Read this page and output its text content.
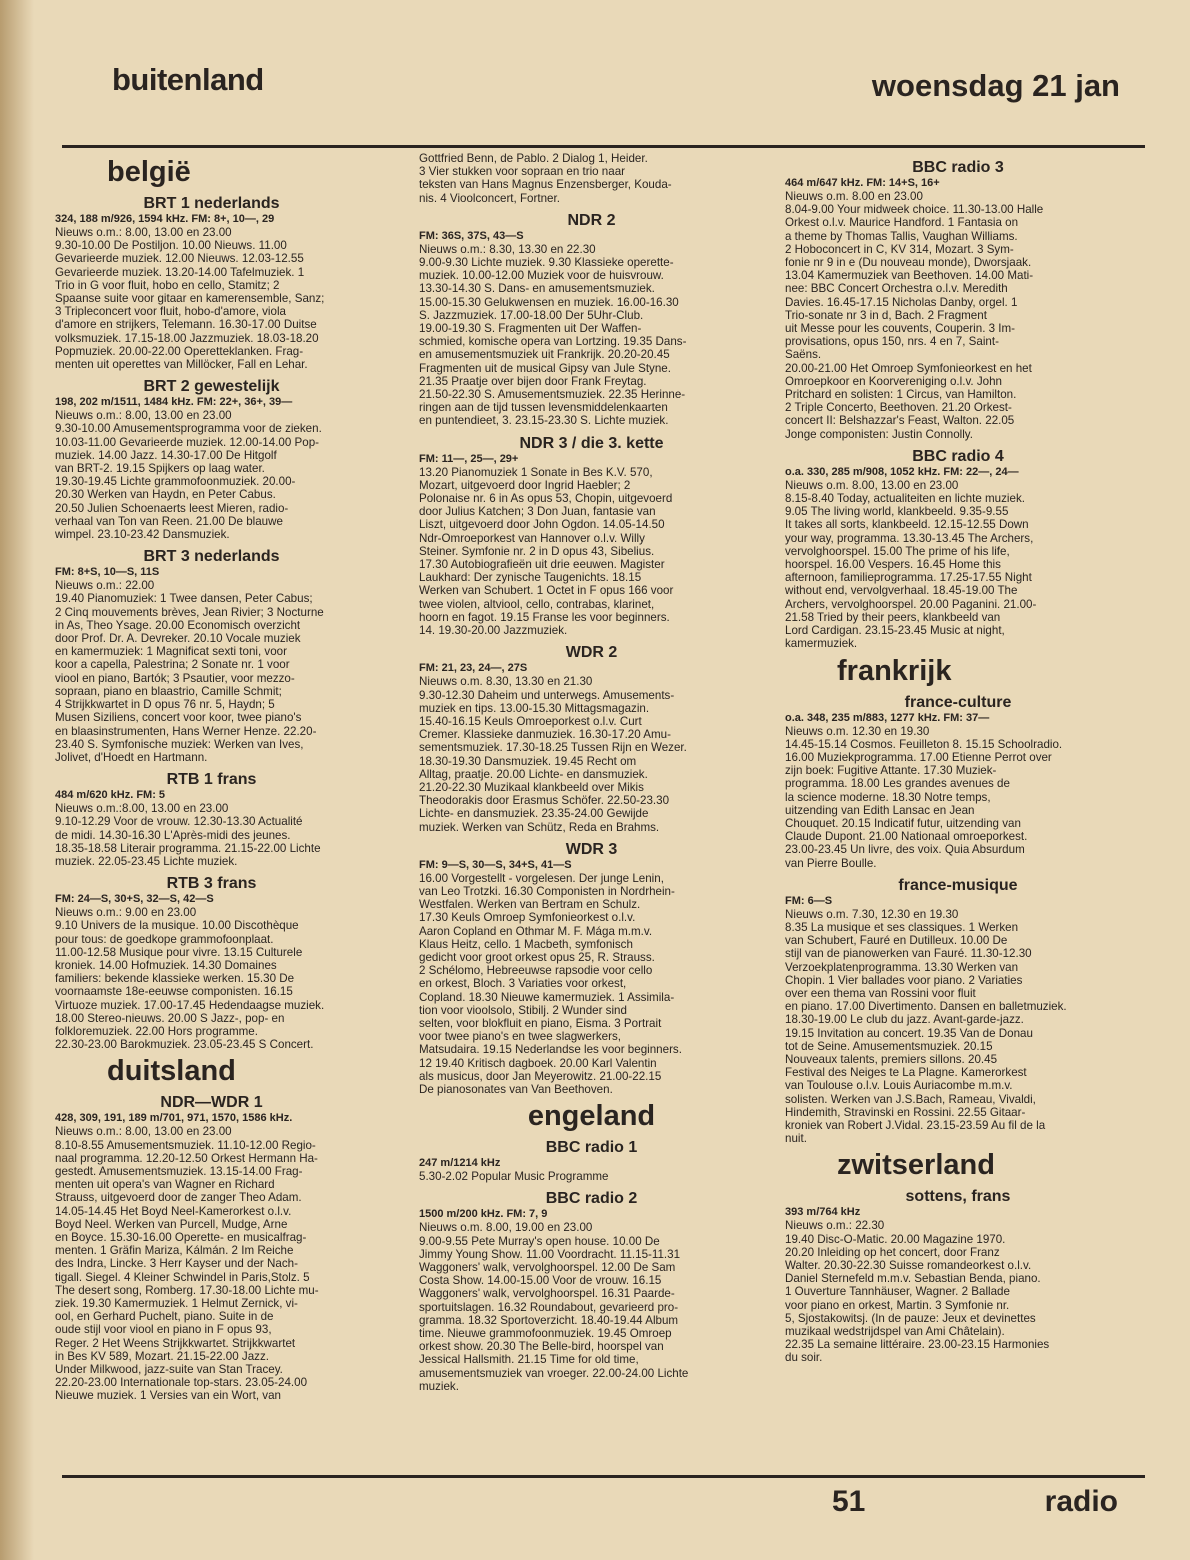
buitenland	woensdag 21 jan
belgië
BRT 1 nederlands
324, 188 m/926, 1594 kHz. FM: 8+, 10—, 29
Nieuws o.m.: 8.00, 13.00 en 23.00
9.30-10.00 De Postiljon. 10.00 Nieuws. 11.00
Gevarieerde muziek. 12.00 Nieuws. 12.03-12.55
Gevarieerde muziek. 13.20-14.00 Tafelmuziek. 1
Trio in G voor fluit, hobo en cello, Stamitz; 2
Spaanse suite voor gitaar en kamerensemble, Sanz;
3 Tripleconcert voor fluit, hobo-d'amore, viola
d'amore en strijkers, Telemann. 16.30-17.00 Duitse
volksmuziek. 17.15-18.00 Jazzmuziek. 18.03-18.20
Popmuziek. 20.00-22.00 Operetteklanken. Frag-
menten uit operettes van Millöcker, Fall en Lehar.
BRT 2 gewestelijk
198, 202 m/1511, 1484 kHz. FM: 22+, 36+, 39—
Nieuws o.m.: 8.00, 13.00 en 23.00
9.30-10.00 Amusementsprogramma voor de zieken.
10.03-11.00 Gevarieerde muziek. 12.00-14.00 Pop-
muziek. 14.00 Jazz. 14.30-17.00 De Hitgolf
van BRT-2. 19.15 Spijkers op laag water.
19.30-19.45 Lichte grammofoonmuziek. 20.00-
20.30 Werken van Haydn, en Peter Cabus.
20.50 Julien Schoenaerts leest Mieren, radio-
verhaal van Ton van Reen. 21.00 De blauwe
wimpel. 23.10-23.42 Dansmuziek.
BRT 3 nederlands
FM: 8+S, 10—S, 11S
Nieuws o.m.: 22.00
19.40 Pianomuziek: 1 Twee dansen, Peter Cabus;
2 Cinq mouvements brèves, Jean Rivier; 3 Nocturne
in As, Theo Ysage. 20.00 Economisch overzicht
door Prof. Dr. A. Devreker. 20.10 Vocale muziek
en kamermuziek: 1 Magnificat sexti toni, voor
koor a capella, Palestrina; 2 Sonate nr. 1 voor
viool en piano, Bartók; 3 Psautier, voor mezzo-
sopraan, piano en blaastrio, Camille Schmit;
4 Strijkkwartet in D opus 76 nr. 5, Haydn; 5
Musen Siziliens, concert voor koor, twee piano's
en blaasinstrumenten, Hans Werner Henze. 22.20-
23.40 S. Symfonische muziek: Werken van Ives,
Jolivet, d'Hoedt en Hartmann.
RTB 1 frans
484 m/620 kHz. FM: 5
Nieuws o.m.:8.00, 13.00 en 23.00
9.10-12.29 Voor de vrouw. 12.30-13.30 Actualité
de midi. 14.30-16.30 L'Après-midi des jeunes.
18.35-18.58 Literair programma. 21.15-22.00 Lichte
muziek. 22.05-23.45 Lichte muziek.
RTB 3 frans
FM: 24—S, 30+S, 32—S, 42—S
Nieuws o.m.: 9.00 en 23.00
9.10 Univers de la musique. 10.00 Discothèque
pour tous: de goedkope grammofoonplaat.
11.00-12.58 Musique pour vivre. 13.15 Culturele
kroniek. 14.00 Hofmuziek. 14.30 Domaines
familiers: bekende klassieke werken. 15.30 De
voornaamste 18e-eeuwse componisten. 16.15
Virtuoze muziek. 17.00-17.45 Hedendaagse muziek.
18.00 Stereo-nieuws. 20.00 S Jazz-, pop- en
folkloremuziek. 22.00 Hors programme.
22.30-23.00 Barokmuziek. 23.05-23.45 S Concert.
duitsland
NDR—WDR 1
428, 309, 191, 189 m/701, 971, 1570, 1586 kHz.
Nieuws o.m.: 8.00, 13.00 en 23.00
8.10-8.55 Amusementsmuziek. 11.10-12.00 Regio-
naal programma. 12.20-12.50 Orkest Hermann Ha-
gestedt. Amusementsmuziek. 13.15-14.00 Frag-
menten uit opera's van Wagner en Richard
Strauss, uitgevoerd door de zanger Theo Adam.
14.05-14.45 Het Boyd Neel-Kamerorkest o.l.v.
Boyd Neel. Werken van Purcell, Mudge, Arne
en Boyce. 15.30-16.00 Operette- en musicalfrag-
menten. 1 Gräfin Mariza, Kálmán. 2 Im Reiche
des Indra, Lincke. 3 Herr Kayser und der Nach-
tigall. Siegel. 4 Kleiner Schwindel in Paris,Stolz. 5
The desert song, Romberg. 17.30-18.00 Lichte mu-
ziek. 19.30 Kamermuziek. 1 Helmut Zernick, vi-
ool, en Gerhard Puchelt, piano. Suite in de
oude stijl voor viool en piano in F opus 93,
Reger. 2 Het Weens Strijkkwartet. Strijkkwartet
in Bes KV 589, Mozart. 21.15-22.00 Jazz.
Under Milkwood, jazz-suite van Stan Tracey.
22.20-23.00 Internationale top-stars. 23.05-24.00
Nieuwe muziek. 1 Versies van ein Wort, van
Gottfried Benn, de Pablo. 2 Dialog 1, Heider.
3 Vier stukken voor sopraan en trio naar
teksten van Hans Magnus Enzensberger, Kouda-
nis. 4 Vioolconcert, Fortner.
NDR 2
FM: 36S, 37S, 43—S
Nieuws o.m.: 8.30, 13.30 en 22.30
9.00-9.30 Lichte muziek. 9.30 Klassieke operette-
muziek. 10.00-12.00 Muziek voor de huisvrouw.
13.30-14.30 S. Dans- en amusementsmuziek.
15.00-15.30 Gelukwensen en muziek. 16.00-16.30
S. Jazzmuziek. 17.00-18.00 Der 5Uhr-Club.
19.00-19.30 S. Fragmenten uit Der Waffen-
schmied, komische opera van Lortzing. 19.35 Dans-
en amusementsmuziek uit Frankrijk. 20.20-20.45
Fragmenten uit de musical Gipsy van Jule Styne.
21.35 Praatje over bijen door Frank Freytag.
21.50-22.30 S. Amusementsmuziek. 22.35 Herinne-
ringen aan de tijd tussen levensmiddelenkaarten
en puntendieet, 3. 23.15-23.30 S. Lichte muziek.
NDR 3 / die 3. kette
FM: 11—, 25—, 29+
13.20 Pianomuziek 1 Sonate in Bes K.V. 570,
Mozart, uitgevoerd door Ingrid Haebler; 2
Polonaise nr. 6 in As opus 53, Chopin, uitgevoerd
door Julius Katchen; 3 Don Juan, fantasie van
Liszt, uitgevoerd door John Ogdon. 14.05-14.50
Ndr-Omroeporkest van Hannover o.l.v. Willy
Steiner. Symfonie nr. 2 in D opus 43, Sibelius.
17.30 Autobiografieën uit drie eeuwen. Magister
Laukhard: Der zynische Taugenichts. 18.15
Werken van Schubert. 1 Octet in F opus 166 voor
twee violen, altviool, cello, contrabas, klarinet,
hoorn en fagot. 19.15 Franse les voor beginners.
14. 19.30-20.00 Jazzmuziek.
WDR 2
FM: 21, 23, 24—, 27S
Nieuws o.m. 8.30, 13.30 en 21.30
9.30-12.30 Daheim und unterwegs. Amusements-
muziek en tips. 13.00-15.30 Mittagsmagazin.
15.40-16.15 Keuls Omroeporkest o.l.v. Curt
Cremer. Klassieke danmuziek. 16.30-17.20 Amu-
sementsmuziek. 17.30-18.25 Tussen Rijn en Wezer.
18.30-19.30 Dansmuziek. 19.45 Recht om
Alltag, praatje. 20.00 Lichte- en dansmuziek.
21.20-22.30 Muzikaal klankbeeld over Mikis
Theodorakis door Erasmus Schöfer. 22.50-23.30
Lichte- en dansmuziek. 23.35-24.00 Gewijde
muziek. Werken van Schütz, Reda en Brahms.
WDR 3
FM: 9—S, 30—S, 34+S, 41—S
16.00 Vorgestellt - vorgelesen. Der junge Lenin,
van Leo Trotzki. 16.30 Componisten in Nordrhein-
Westfalen. Werken van Bertram en Schulz.
17.30 Keuls Omroep Symfonieorkest o.l.v.
Aaron Copland en Othmar M. F. Mága m.m.v.
Klaus Heitz, cello. 1 Macbeth, symfonisch
gedicht voor groot orkest opus 25, R. Strauss.
2 Schélomo, Hebreeuwse rapsodie voor cello
en orkest, Bloch. 3 Variaties voor orkest,
Copland. 18.30 Nieuwe kamermuziek. 1 Assimila-
tion voor vioolsolo, Stibilj. 2 Wunder sind
selten, voor blokfluit en piano, Eisma. 3 Portrait
voor twee piano's en twee slagwerkers,
Matsudaira. 19.15 Nederlandse les voor beginners.
12 19.40 Kritisch dagboek. 20.00 Karl Valentin
als musicus, door Jan Meyerowitz. 21.00-22.15
De pianosonates van Van Beethoven.
engeland
BBC radio 1
247 m/1214 kHz
5.30-2.02 Popular Music Programme
BBC radio 2
1500 m/200 kHz. FM: 7, 9
Nieuws o.m. 8.00, 19.00 en 23.00
9.00-9.55 Pete Murray's open house. 10.00 De
Jimmy Young Show. 11.00 Voordracht. 11.15-11.31
Waggoners' walk, vervolghoorspel. 12.00 De Sam
Costa Show. 14.00-15.00 Voor de vrouw. 16.15
Waggoners' walk, vervolghoorspel. 16.31 Paarde-
sportuitslagen. 16.32 Roundabout, gevarieerd pro-
gramma. 18.32 Sportoverzicht. 18.40-19.44 Album
time. Nieuwe grammofoonmuziek. 19.45 Omroep
orkest show. 20.30 The Belle-bird, hoorspel van
Jessical Hallsmith. 21.15 Time for old time,
amusementsmuziek van vroeger. 22.00-24.00 Lichte
muziek.
BBC radio 3
464 m/647 kHz. FM: 14+S, 16+
Nieuws o.m. 8.00 en 23.00
8.04-9.00 Your midweek choice. 11.30-13.00 Halle
Orkest o.l.v. Maurice Handford. 1 Fantasia on
a theme by Thomas Tallis, Vaughan Williams.
2 Hoboconcert in C, KV 314, Mozart. 3 Sym-
fonie nr 9 in e (Du nouveau monde), Dworsjaak.
13.04 Kamermuziek van Beethoven. 14.00 Mati-
nee: BBC Concert Orchestra o.l.v. Meredith
Davies. 16.45-17.15 Nicholas Danby, orgel. 1
Trio-sonate nr 3 in d, Bach. 2 Fragment
uit Messe pour les couvents, Couperin. 3 Im-
provisations, opus 150, nrs. 4 en 7, Saint-
Saëns.
20.00-21.00 Het Omroep Symfonieorkest en het
Omroepkoor en Koorvereniging o.l.v. John
Pritchard en solisten: 1 Circus, van Hamilton.
2 Triple Concerto, Beethoven. 21.20 Orkest-
concert II: Belshazzar's Feast, Walton. 22.05
Jonge componisten: Justin Connolly.
BBC radio 4
o.a. 330, 285 m/908, 1052 kHz. FM: 22—, 24—
Nieuws o.m. 8.00, 13.00 en 23.00
8.15-8.40 Today, actualiteiten en lichte muziek.
9.05 The living world, klankbeeld. 9.35-9.55
It takes all sorts, klankbeeld. 12.15-12.55 Down
your way, programma. 13.30-13.45 The Archers,
vervolghoorspel. 15.00 The prime of his life,
hoorspel. 16.00 Vespers. 16.45 Home this
afternoon, familieprogramma. 17.25-17.55 Night
without end, vervolgverhaal. 18.45-19.00 The
Archers, vervolghoorspel. 20.00 Paganini. 21.00-
21.58 Tried by their peers, klankbeeld van
Lord Cardigan. 23.15-23.45 Music at night,
kamermuziek.
frankrijk
france-culture
o.a. 348, 235 m/883, 1277 kHz. FM: 37—
Nieuws o.m. 12.30 en 19.30
14.45-15.14 Cosmos. Feuilleton 8. 15.15 Schoolradio.
16.00 Muziekprogramma. 17.00 Etienne Perrot over
zijn boek: Fugitive Attante. 17.30 Muziek-
programma. 18.00 Les grandes avenues de
la science moderne. 18.30 Notre temps,
uitzending van Edith Lansac en Jean
Chouquet. 20.15 Indicatif futur, uitzending van
Claude Dupont. 21.00 Nationaal omroeporkest.
23.00-23.45 Un livre, des voix. Quia Absurdum
van Pierre Boulle.
france-musique
FM: 6—S
Nieuws o.m. 7.30, 12.30 en 19.30
8.35 La musique et ses classiques. 1 Werken
van Schubert, Fauré en Dutilleux. 10.00 De
stijl van de pianowerken van Fauré. 11.30-12.30
Verzoekplatenprogramma. 13.30 Werken van
Chopin. 1 Vier ballades voor piano. 2 Variaties
over een thema van Rossini voor fluit
en piano. 17.00 Divertimento. Dansen en balletmuziek.
18.30-19.00 Le club du jazz. Avant-garde-jazz.
19.15 Invitation au concert. 19.35 Van de Donau
tot de Seine. Amusementsmuziek. 20.15
Nouveaux talents, premiers sillons. 20.45
Festival des Neiges te La Plagne. Kamerorkest
van Toulouse o.l.v. Louis Auriacombe m.m.v.
solisten. Werken van J.S.Bach, Rameau, Vivaldi,
Hindemith, Stravinski en Rossini. 22.55 Gitaar-
kroniek van Robert J.Vidal. 23.15-23.59 Au fil de la
nuit.
zwitserland
sottens, frans
393 m/764 kHz
Nieuws o.m.: 22.30
19.40 Disc-O-Matic. 20.00 Magazine 1970.
20.20 Inleiding op het concert, door Franz
Walter. 20.30-22.30 Suisse romandeorkest o.l.v.
Daniel Sternefeld m.m.v. Sebastian Benda, piano.
1 Ouverture Tannhäuser, Wagner. 2 Ballade
voor piano en orkest, Martin. 3 Symfonie nr.
5, Sjostakowitsj. (In de pauze: Jeux et devinettes
muzikaal wedstrijdspel van Ami Châtelain).
22.35 La semaine littéraire. 23.00-23.15 Harmonies
du soir.
51	radio
